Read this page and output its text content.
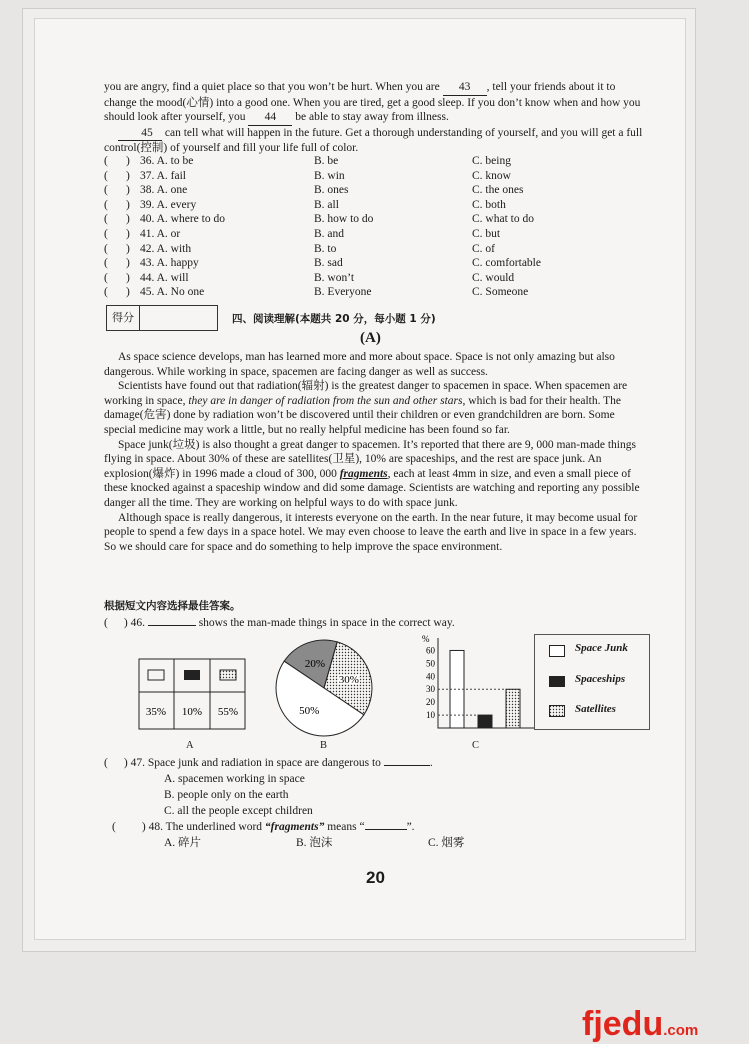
you are angry, find a quiet place so that you won’t be hurt. When you are 43 , tell your friends about it to change the mood(心情) into a good one. When you are tired, get a good sleep. If you don’t know when and how you should look after yourself, you 44 be able to stay away from illness.

45 can tell what will happen in the future. Get a thorough understanding of yourself, and you will get a full control(控制) of yourself and fill your life full of color.

( ) 36. A. to be	B. be	C. being
( ) 37. A. fail	B. win	C. know
( ) 38. A. one	B. ones	C. the ones
( ) 39. A. every	B. all	C. both
( ) 40. A. where to do	B. how to do	C. what to do
( ) 41. A. or	B. and	C. but
( ) 42. A. with	B. to	C. of
( ) 43. A. happy	B. sad	C. comfortable
( ) 44. A. will	B. won’t	C. would
( ) 45. A. No one	B. Everyone	C. Someone
得分	四、阅读理解(本题共 20 分，每小题 1 分)
(A)

As space science develops, man has learned more and more about space. Space is not only amazing but also dangerous. While working in space, spacemen are facing danger as well as success.

Scientists have found out that radiation(辐射) is the greatest danger to spacemen in space. When spacemen are working in space, they are in danger of radiation from the sun and other stars, which is bad for their health. The damage(危害) done by radiation won’t be discovered until their children or even grandchildren are born. Some special medicine may work a little, but no really helpful medicine has been found so far.

Space junk(垃圾) is also thought a great danger to spacemen. It’s reported that there are 9, 000 man-made things flying in space. About 30% of these are satellites(卫星), 10% are spaceships, and the rest are space junk. An explosion(爆炸) in 1996 made a cloud of 300, 000 fragments, each at least 4mm in size, and even a small piece of these knocked against a spaceship window and did some damage. Scientists are watching and reporting any possible danger all the time. They are working on helpful ways to do with space junk.

Although space is really dangerous, it interests everyone on the earth. In the near future, it may become usual for people to spend a few days in a space hotel. We may even choose to leave the earth and live in space in a few years. So we should care for space and do something to help improve the space environment.

根据短文内容选择最佳答案。
( ) 46.	shows the man-made things in space in the correct way.
35% 10% 55%
A
20%
30%
50%
B
%
60
50
40
30
20
10
C
Space Junk
Spaceships
Satellites
( ) 47. Space junk and radiation in space are dangerous to	.
A. spacemen working in space
B. people only on the earth
C. all the people except children
( ) 48. The underlined word “fragments” means “	”.
A. 碎片	B. 泡沫	C. 烟雾
20
fjedu.com
